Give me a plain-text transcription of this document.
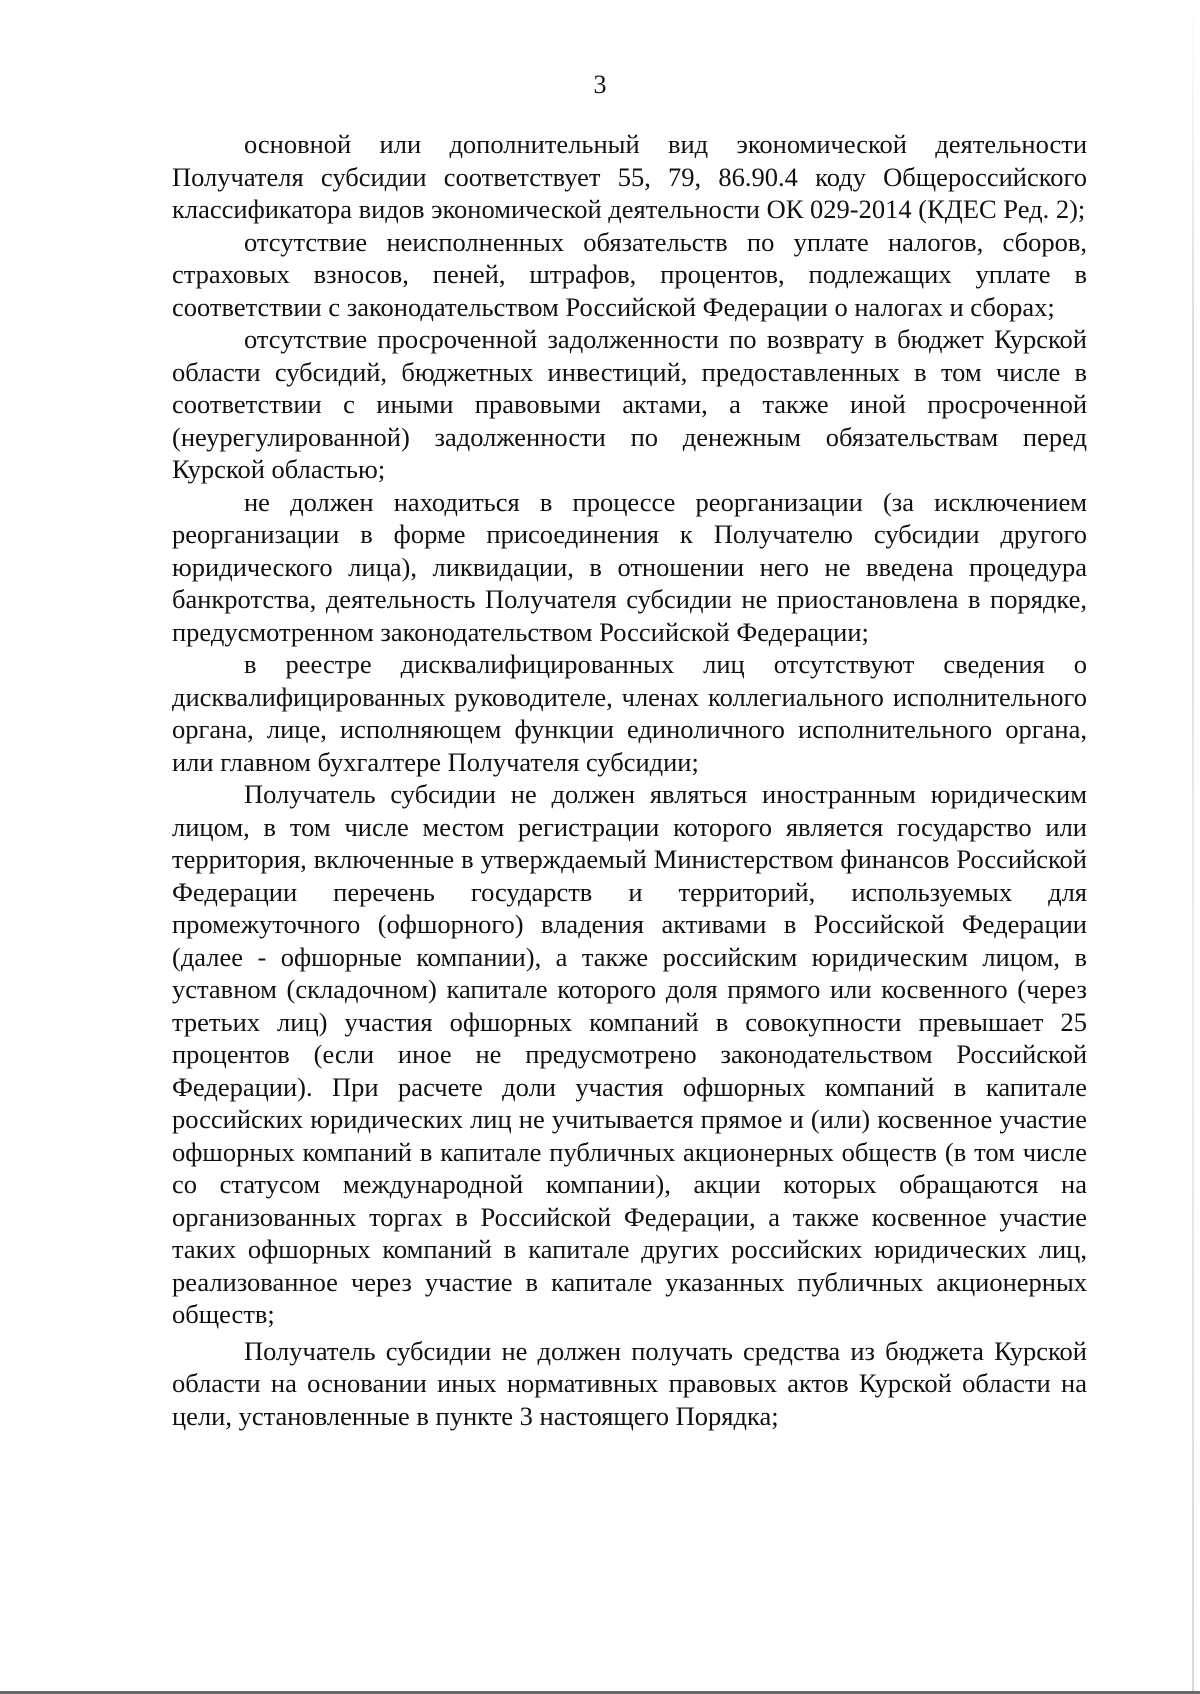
3

основной или дополнительный вид экономической деятельности Получателя субсидии соответствует 55, 79, 86.90.4 коду Общероссийского классификатора видов экономической деятельности ОК 029-2014 (КДЕС Ред. 2);

отсутствие неисполненных обязательств по уплате налогов, сборов, страховых взносов, пеней, штрафов, процентов, подлежащих уплате в соответствии с законодательством Российской Федерации о налогах и сборах;

отсутствие просроченной задолженности по возврату в бюджет Курской области субсидий, бюджетных инвестиций, предоставленных в том числе в соответствии с иными правовыми актами, а также иной просроченной (неурегулированной) задолженности по денежным обязательствам перед Курской областью;

не должен находиться в процессе реорганизации (за исключением реорганизации в форме присоединения к Получателю субсидии другого юридического лица), ликвидации, в отношении него не введена процедура банкротства, деятельность Получателя субсидии не приостановлена в порядке, предусмотренном законодательством Российской Федерации;

в реестре дисквалифицированных лиц отсутствуют сведения о дисквалифицированных руководителе, членах коллегиального исполнительного органа, лице, исполняющем функции единоличного исполнительного органа, или главном бухгалтере Получателя субсидии;

Получатель субсидии не должен являться иностранным юридическим лицом, в том числе местом регистрации которого является государство или территория, включенные в утверждаемый Министерством финансов Российской Федерации перечень государств и территорий, используемых для промежуточного (офшорного) владения активами в Российской Федерации (далее - офшорные компании), а также российским юридическим лицом, в уставном (складочном) капитале которого доля прямого или косвенного (через третьих лиц) участия офшорных компаний в совокупности превышает 25 процентов (если иное не предусмотрено законодательством Российской Федерации). При расчете доли участия офшорных компаний в капитале российских юридических лиц не учитывается прямое и (или) косвенное участие офшорных компаний в капитале публичных акционерных обществ (в том числе со статусом международной компании), акции которых обращаются на организованных торгах в Российской Федерации, а также косвенное участие таких офшорных компаний в капитале других российских юридических лиц, реализованное через участие в капитале указанных публичных акционерных обществ;

Получатель субсидии не должен получать средства из бюджета Курской области на основании иных нормативных правовых актов Курской области на цели, установленные в пункте 3 настоящего Порядка;
